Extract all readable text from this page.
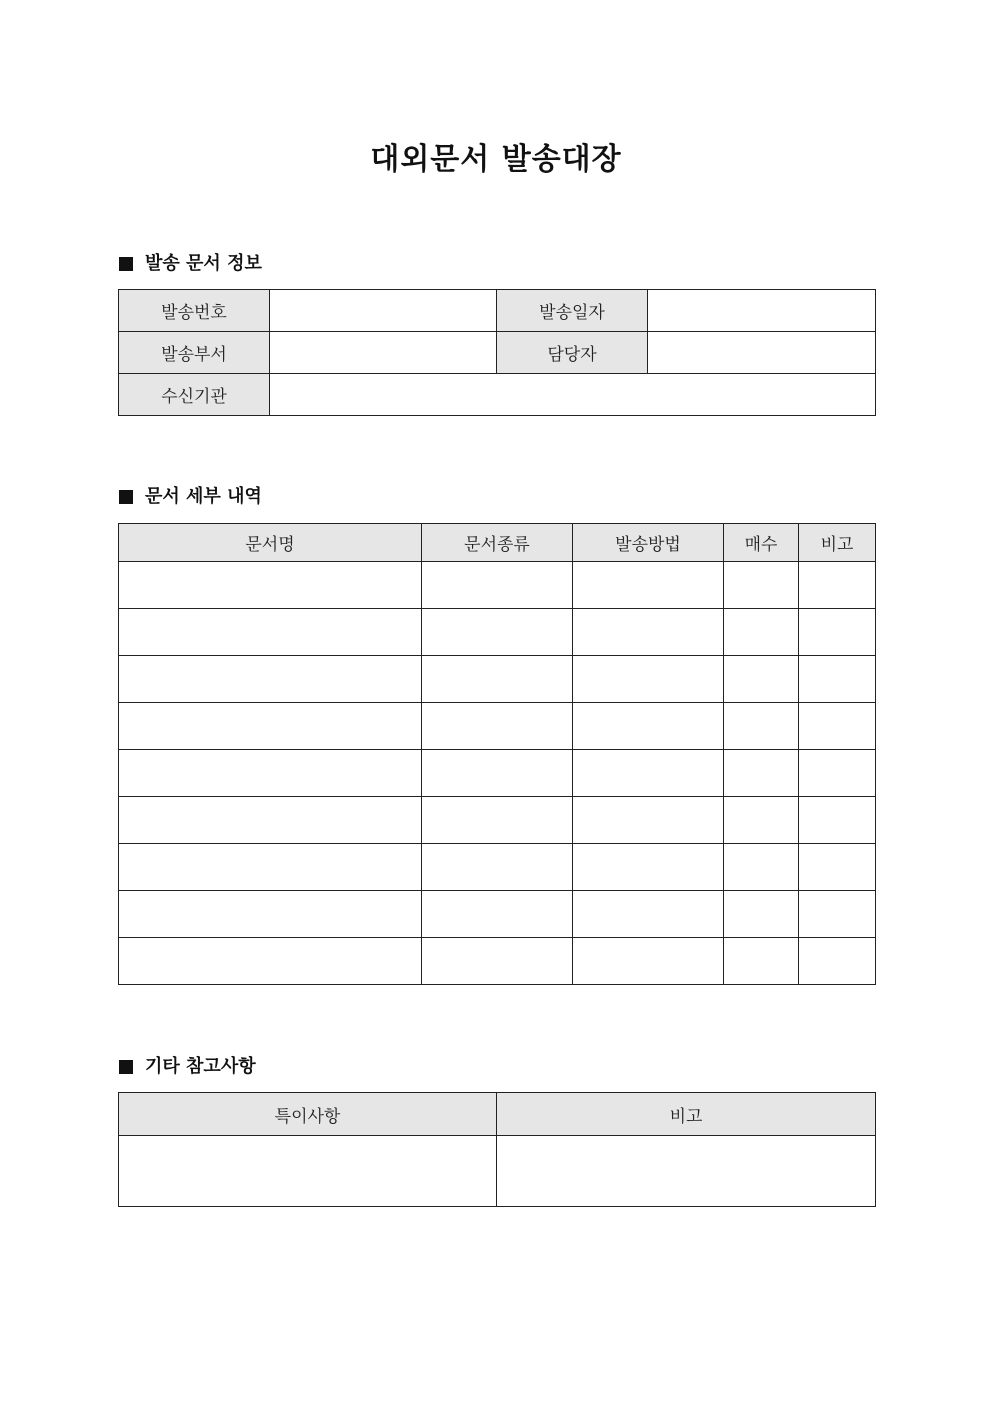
대외문서 발송대장
발송 문서 정보
발송번호		발송일자	
발송부서		담당자	
수신기관			
문서 세부 내역
문서명	문서종류	발송방법	매수	비고

기타 참고사항
특이사항	비고
